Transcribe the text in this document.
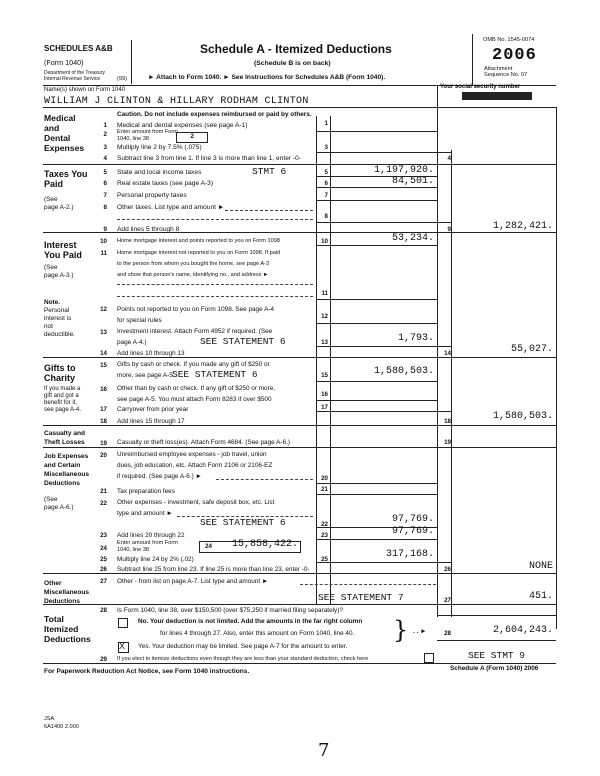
SCHEDULES A&B
(Form 1040)
Department of the Treasury
Internal Revenue Service	(99)
Schedule A - Itemized Deductions
(Schedule B is on back)
► Attach to Form 1040. ► See Instructions for Schedules A&B (Form 1040).
OMB No. 1545-0074
2006
Attachment
Sequence No. 07
Name(s) shown on Form 1040	Your social security number
WILLIAM J CLINTON & HILLARY RODHAM CLINTON
Medical
and
Dental
Expenses
Caution. Do not include expenses reimbursed or paid by others.
1 Medical and dental expenses (see page A-1)	1
2 Enter amount from Form
1040, line 38	2
3 Multiply line 2 by 7.5% (.075)	3
4 Subtract line 3 from line 1. If line 3 is more than line 1, enter -0-	4
Taxes You
Paid
(See
page A-2.)
5 State and local income taxes	STMT 6	5	1,197,920.
6 Real estate taxes (see page A-3)	6	84,501.
7 Personal property taxes	7
8 Other taxes. List type and amount ►
8
9 Add lines 5 through 8	9	1,282,421.
Interest
You Paid
(See
page A-3.)
10 Home mortgage interest and points reported to you on Form 1098	10	53,234.
11 Home mortgage interest not reported to you on Form 1098. If paid
to the person from whom you bought the home, see page A-3
and show that person's name, identifying no., and address ►
11
Note.
Personal
interest is
not
deductible.
12 Points not reported to you on Form 1098. See page A-4
for special rules
12
13 Investment interest. Attach Form 4952 if required. (See
page A-4.)	SEE STATEMENT 6	13	1,793.
14 Add lines 10 through 13	14	55,027.
Gifts to
Charity
If you made a
gift and got a
benefit for it,
see page A-4.
15 Gifts by cash or check. If you made any gift of $250 or
more, see page A-5.
SEE STATEMENT 6	15	1,580,503.
16 Other than by cash or check. If any gift of $250 or more,
see page A-5. You must attach Form 8283 if over $500
16
17 Carryover from prior year	17
18 Add lines 15 through 17	18	1,580,503.
Casualty and
Theft Losses	19 Casualty or theft loss(es). Attach Form 4684. (See page A-6.)	19
Job Expenses
and Certain
Miscellaneous
Deductions
(See
page A-6.)
20 Unreimbursed employee expenses - job travel, union
dues, job education, etc. Attach Form 2106 or 2106-EZ
if required. (See page A-6.) ►	20
21 Tax preparation fees	21
22 Other expenses - investment, safe deposit box, etc. List
type and amount ►
SEE STATEMENT 6	22	97,769.
23 Add lines 20 through 22	23	97,769.
24
Enter amount from Form
1040, line 38	24	15,858,422.
25 Multiply line 24 by 2% (.02)	25	317,168.
26 Subtract line 25 from line 23. If line 25 is more than line 23, enter -0-	26	NONE
Other
Miscellaneous
Deductions
27 Other - from list on page A-7. List type and amount ►
SEE STATEMENT 7	27	451.
Total
Itemized
Deductions
28 Is Form 1040, line 38, over $150,500 (over $75,250 if married filing separately)?
No. Your deduction is not limited. Add the amounts in the far right column
for lines 4 through 27. Also, enter this amount on Form 1040, line 40.	} . . ►	28	2,604,243.
X Yes. Your deduction may be limited. See page A-7 for the amount to enter.
29 If you elect to itemize deductions even though they are less than your standard deduction, check here	SEE STMT 9
For Paperwork Reduction Act Notice, see Form 1040 instructions.	Schedule A (Form 1040) 2006
JSA
6A1400 2.000
7
